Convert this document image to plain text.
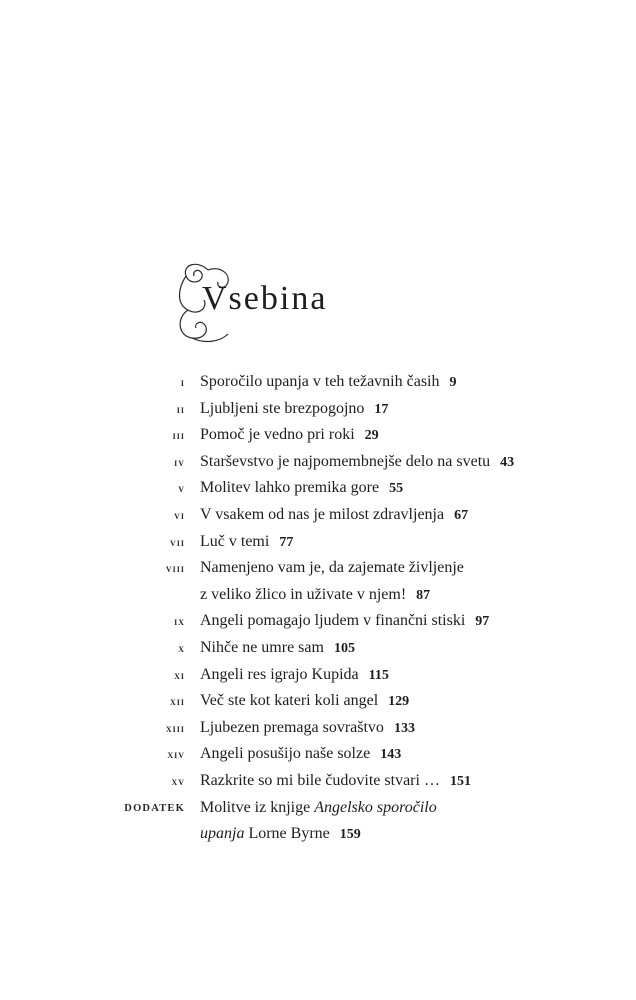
Vsebina
i Sporočilo upanja v teh težavnih časih 9
ii Ljubljeni ste brezpogojno 17
iii Pomoč je vedno pri roki 29
iv Starševstvo je najpomembnejše delo na svetu 43
v Molitev lahko premika gore 55
vi V vsakem od nas je milost zdravljenja 67
vii Luč v temi 77
viii Namenjeno vam je, da zajemate življenje
z veliko žlico in uživate v njem! 87
ix Angeli pomagajo ljudem v finančni stiski 97
x Nihče ne umre sam 105
xi Angeli res igrajo Kupida 115
xii Več ste kot kateri koli angel 129
xiii Ljubezen premaga sovraštvo 133
xiv Angeli posušijo naše solze 143
xv Razkrite so mi bile čudovite stvari … 151
DODATEK Molitve iz knjige Angelsko sporočilo
upanja Lorne Byrne 159
